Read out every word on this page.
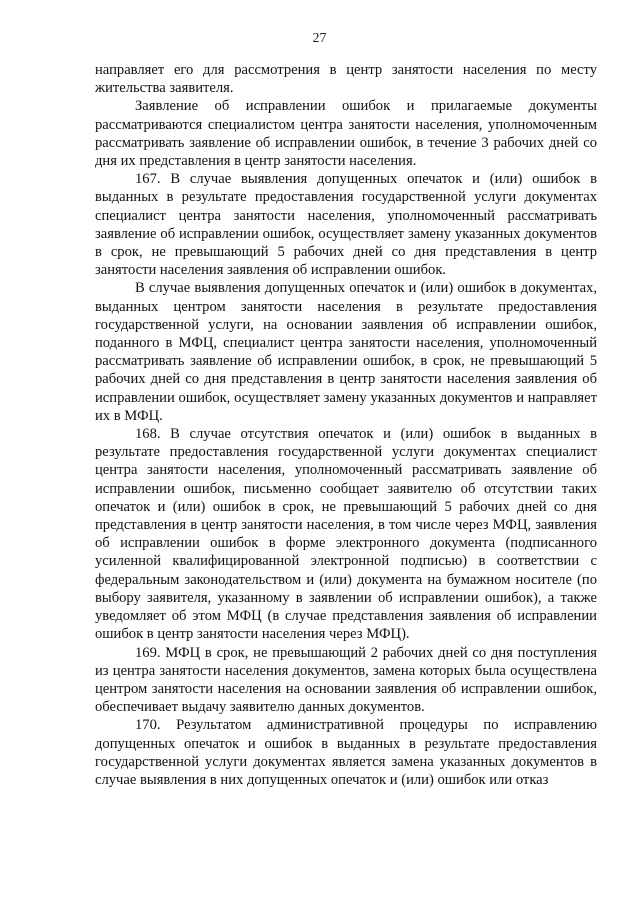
27

направляет его для рассмотрения в центр занятости населения по месту жительства заявителя.

Заявление об исправлении ошибок и прилагаемые документы рассматриваются специалистом центра занятости населения, уполномоченным рассматривать заявление об исправлении ошибок, в течение 3 рабочих дней со дня их представления в центр занятости населения.

167. В случае выявления допущенных опечаток и (или) ошибок в выданных в результате предоставления государственной услуги документах специалист центра занятости населения, уполномоченный рассматривать заявление об исправлении ошибок, осуществляет замену указанных документов в срок, не превышающий 5 рабочих дней со дня представления в центр занятости населения заявления об исправлении ошибок.

В случае выявления допущенных опечаток и (или) ошибок в документах, выданных центром занятости населения в результате предоставления государственной услуги, на основании заявления об исправлении ошибок, поданного в МФЦ, специалист центра занятости населения, уполномоченный рассматривать заявление об исправлении ошибок, в срок, не превышающий 5 рабочих дней со дня представления в центр занятости населения заявления об исправлении ошибок, осуществляет замену указанных документов и направляет их в МФЦ.

168. В случае отсутствия опечаток и (или) ошибок в выданных в результате предоставления государственной услуги документах специалист центра занятости населения, уполномоченный рассматривать заявление об исправлении ошибок, письменно сообщает заявителю об отсутствии таких опечаток и (или) ошибок в срок, не превышающий 5 рабочих дней со дня представления в центр занятости населения, в том числе через МФЦ, заявления об исправлении ошибок в форме электронного документа (подписанного усиленной квалифицированной электронной подписью) в соответствии с федеральным законодательством и (или) документа на бумажном носителе (по выбору заявителя, указанному в заявлении об исправлении ошибок), а также уведомляет об этом МФЦ (в случае представления заявления об исправлении ошибок в центр занятости населения через МФЦ).

169. МФЦ в срок, не превышающий 2 рабочих дней со дня поступления из центра занятости населения документов, замена которых была осуществлена центром занятости населения на основании заявления об исправлении ошибок, обеспечивает выдачу заявителю данных документов.

170. Результатом административной процедуры по исправлению допущенных опечаток и ошибок в выданных в результате предоставления государственной услуги документах является замена указанных документов в случае выявления в них допущенных опечаток и (или) ошибок или отказ
